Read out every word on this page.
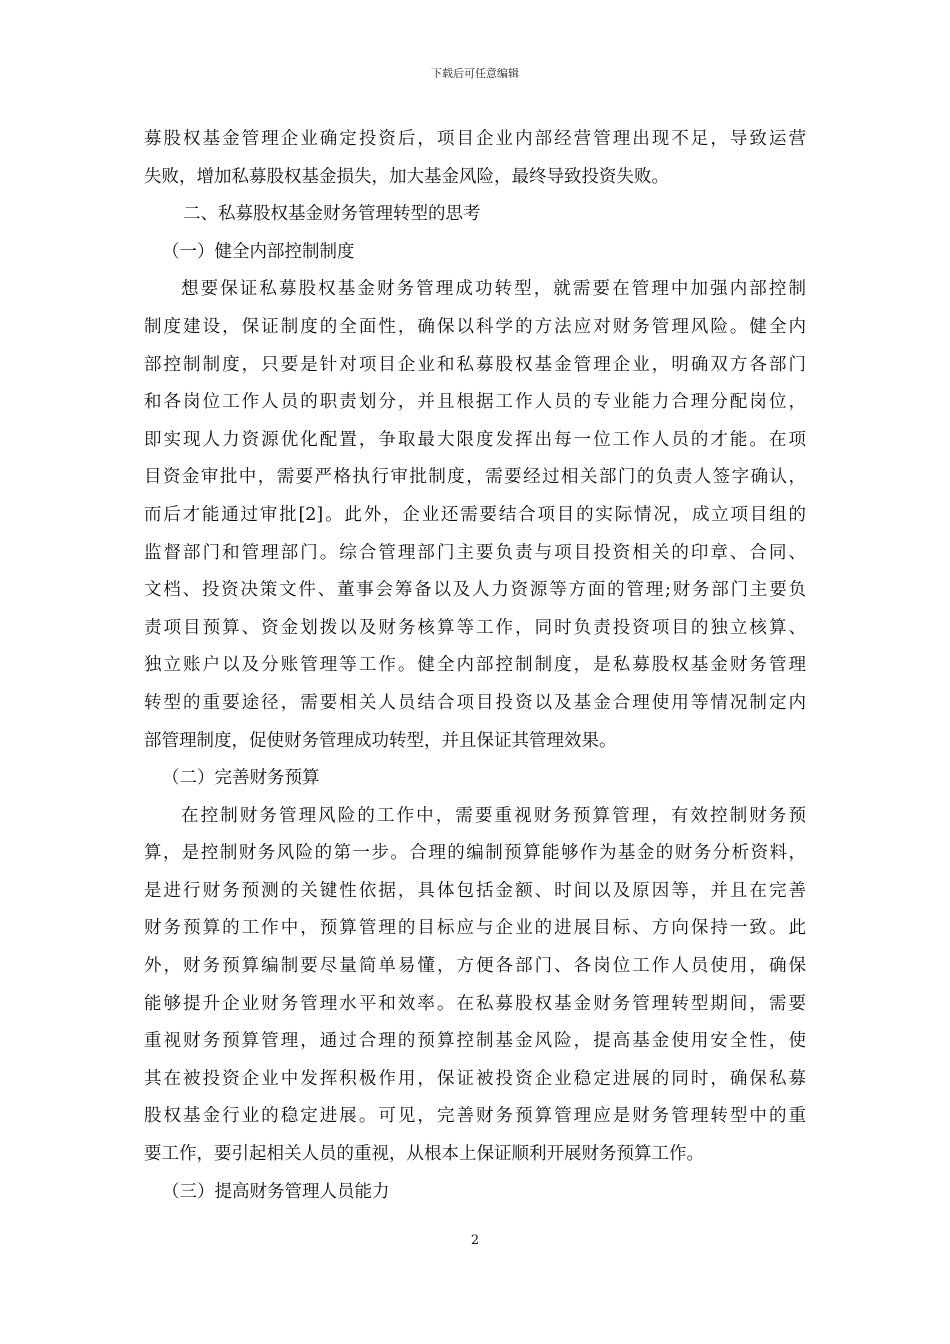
下载后可任意编辑
募股权基金管理企业确定投资后，项目企业内部经营管理出现不足，导致运营
失败，增加私募股权基金损失，加大基金风险，最终导致投资失败。
二、私募股权基金财务管理转型的思考
（一）健全内部控制制度
想要保证私募股权基金财务管理成功转型，就需要在管理中加强内部控制
制度建设，保证制度的全面性，确保以科学的方法应对财务管理风险。健全内
部控制制度，只要是针对项目企业和私募股权基金管理企业，明确双方各部门
和各岗位工作人员的职责划分，并且根据工作人员的专业能力合理分配岗位，
即实现人力资源优化配置，争取最大限度发挥出每一位工作人员的才能。在项
目资金审批中，需要严格执行审批制度，需要经过相关部门的负责人签字确认，
而后才能通过审批[2]。此外，企业还需要结合项目的实际情况，成立项目组的
监督部门和管理部门。综合管理部门主要负责与项目投资相关的印章、合同、
文档、投资决策文件、董事会筹备以及人力资源等方面的管理;财务部门主要负
责项目预算、资金划拨以及财务核算等工作，同时负责投资项目的独立核算、
独立账户以及分账管理等工作。健全内部控制制度，是私募股权基金财务管理
转型的重要途径，需要相关人员结合项目投资以及基金合理使用等情况制定内
部管理制度，促使财务管理成功转型，并且保证其管理效果。
（二）完善财务预算
在控制财务管理风险的工作中，需要重视财务预算管理，有效控制财务预
算，是控制财务风险的第一步。合理的编制预算能够作为基金的财务分析资料，
是进行财务预测的关键性依据，具体包括金额、时间以及原因等，并且在完善
财务预算的工作中，预算管理的目标应与企业的进展目标、方向保持一致。此
外，财务预算编制要尽量简单易懂，方便各部门、各岗位工作人员使用，确保
能够提升企业财务管理水平和效率。在私募股权基金财务管理转型期间，需要
重视财务预算管理，通过合理的预算控制基金风险，提高基金使用安全性，使
其在被投资企业中发挥积极作用，保证被投资企业稳定进展的同时，确保私募
股权基金行业的稳定进展。可见，完善财务预算管理应是财务管理转型中的重
要工作，要引起相关人员的重视，从根本上保证顺利开展财务预算工作。
（三）提高财务管理人员能力
2
